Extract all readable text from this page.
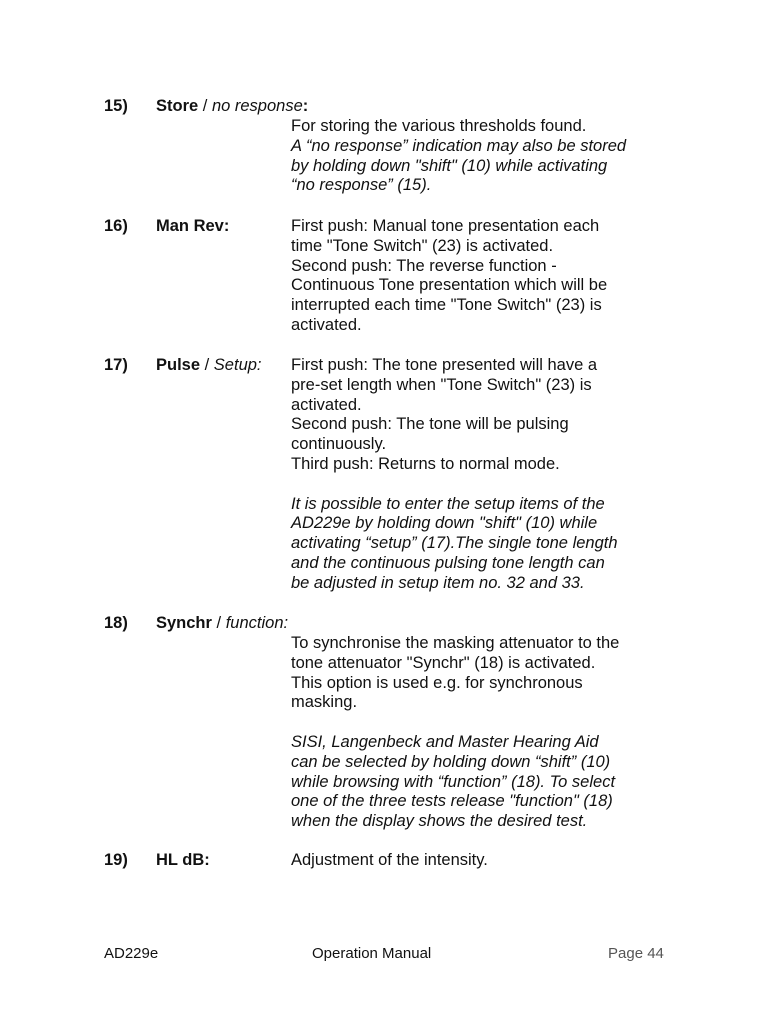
15) Store / no response:

For storing the various thresholds found.

A “no response” indication may also be stored

by holding down "shift" (10) while activating

“no response” (15).

16) Man Rev:	First push: Manual tone presentation each

time "Tone Switch" (23) is activated.

Second push: The reverse function -

Continuous Tone presentation which will be

interrupted each time "Tone Switch" (23) is

activated.

17) Pulse / Setup: First push: The tone presented will have a

pre-set length when "Tone Switch" (23) is

activated.

Second push: The tone will be pulsing

continuously.

Third push: Returns to normal mode.

It is possible to enter the setup items of the

AD229e by holding down "shift" (10) while

activating “setup” (17).The single tone length

and the continuous pulsing tone length can

be adjusted in setup item no. 32 and 33.

18) Synchr / function:

To synchronise the masking attenuator to the

tone attenuator "Synchr" (18) is activated.

This option is used e.g. for synchronous

masking.

SISI, Langenbeck and Master Hearing Aid

can be selected by holding down “shift” (10)

while browsing with “function” (18). To select

one of the three tests release "function" (18)

when the display shows the desired test.

19) HL dB:	Adjustment of the intensity.

AD229e	Operation Manual	Page 44
